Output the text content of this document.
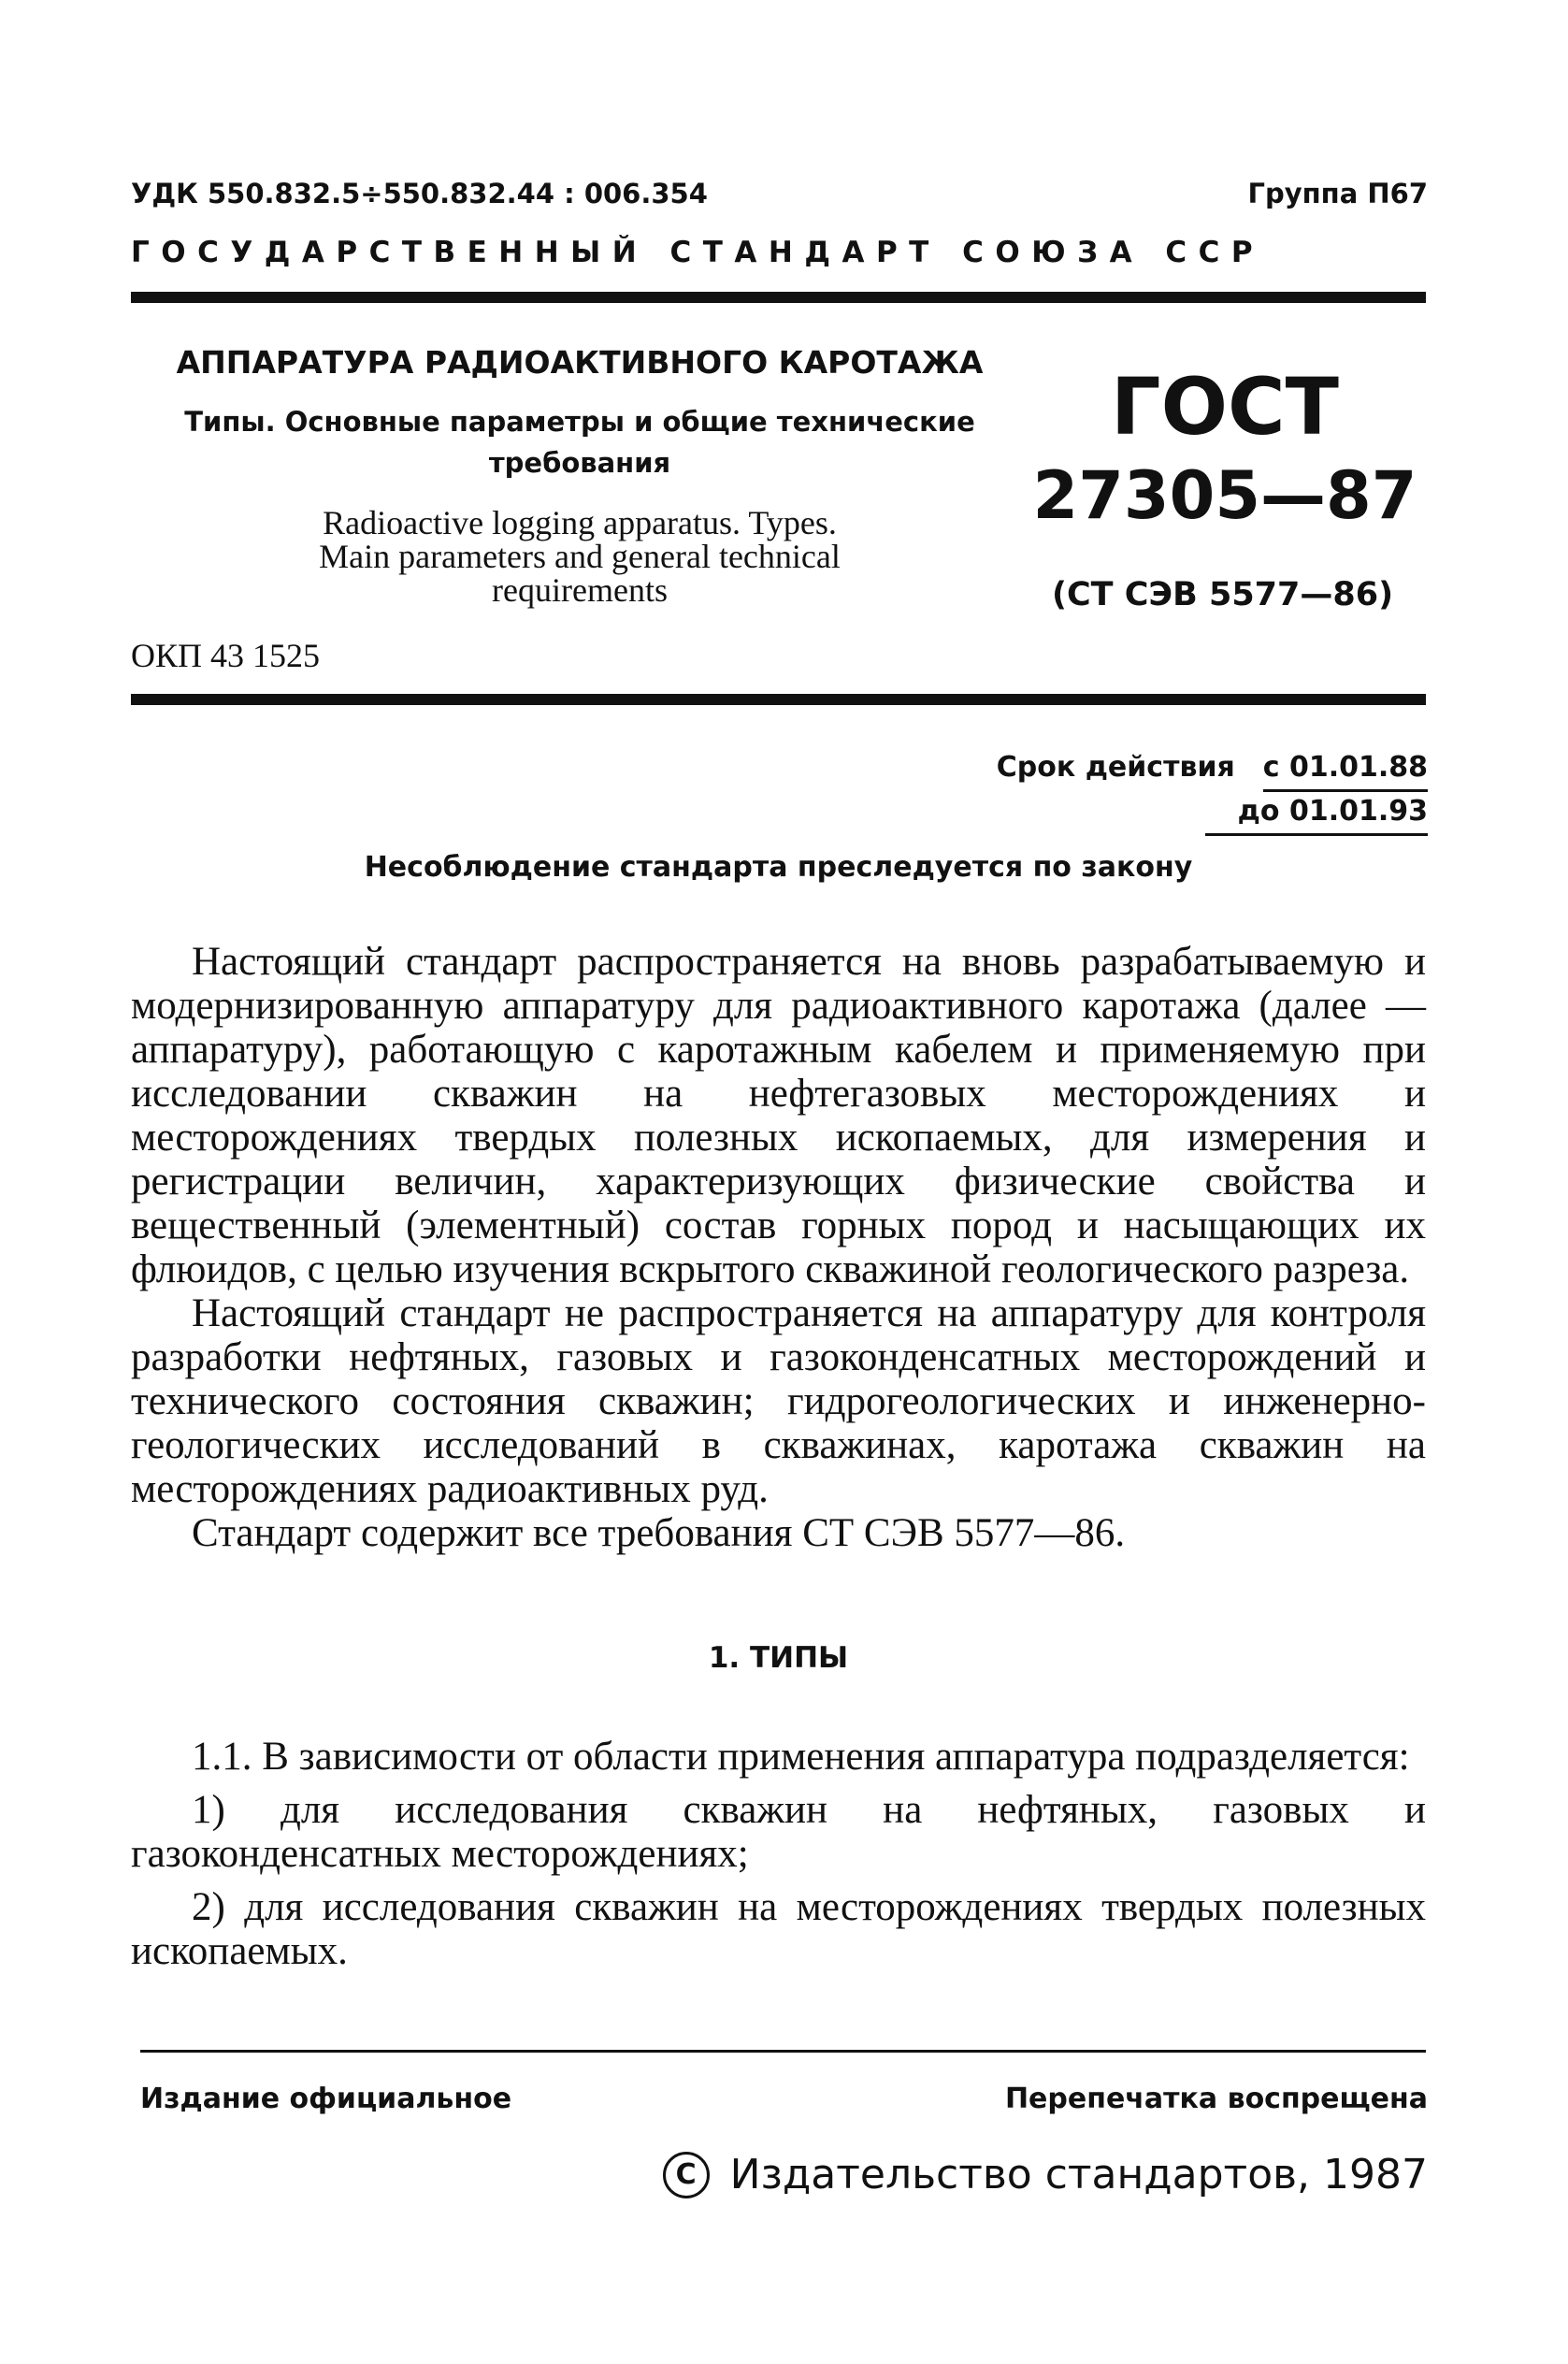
УДК 550.832.5÷550.832.44 : 006.354	Группа П67
ГОСУДАРСТВЕННЫЙ СТАНДАРТ СОЮЗА ССР

АППАРАТУРА РАДИОАКТИВНОГО КАРОТАЖА

Типы. Основные параметры и общие технические
требования

Radioactive logging apparatus. Types.
Main parameters and general technical
requirements

ГОСТ

27305—87

(СТ СЭВ 5577—86)
ОКП 43 1525
Срок действия с 01.01.88
до 01.01.93
Несоблюдение стандарта преследуется по закону

Настоящий стандарт распространяется на вновь разрабатываемую и модернизированную аппаратуру для радиоактивного каротажа (далее — аппаратуру), работающую с каротажным кабелем и применяемую при исследовании скважин на нефтегазовых месторождениях и месторождениях твердых полезных ископаемых, для измерения и регистрации величин, характеризующих физические свойства и вещественный (элементный) состав горных пород и насыщающих их флюидов, с целью изучения вскрытого скважиной геологического разреза.

Настоящий стандарт не распространяется на аппаратуру для контроля разработки нефтяных, газовых и газоконденсатных месторождений и технического состояния скважин; гидрогеологических и инженерно-геологических исследований в скважинах, каротажа скважин на месторождениях радиоактивных руд.

Стандарт содержит все требования СТ СЭВ 5577—86.

1. ТИПЫ

1.1. В зависимости от области применения аппаратура подразделяется:

1) для исследования скважин на нефтяных, газовых и газоконденсатных месторождениях;

2) для исследования скважин на месторождениях твердых полезных ископаемых.

Издание официальное	Перепечатка воспрещена
C Издательство стандартов, 1987
